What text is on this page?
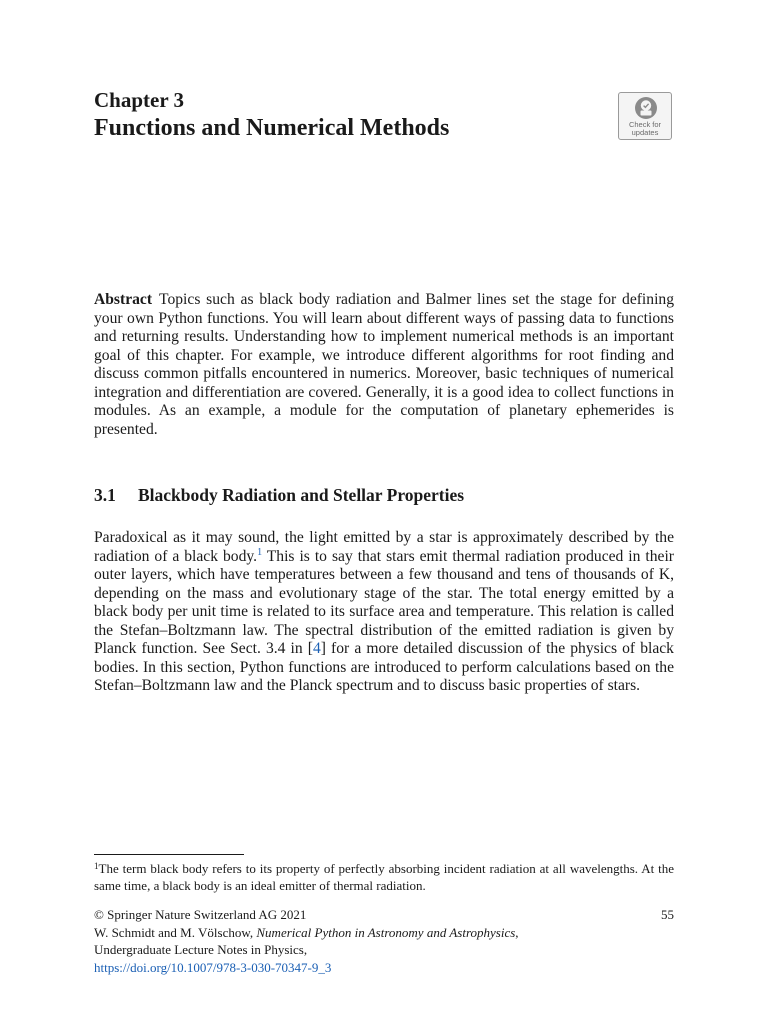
Chapter 3
Functions and Numerical Methods	Check for
updates
Abstract Topics such as black body radiation and Balmer lines set the stage for defining your own Python functions. You will learn about different ways of passing data to functions and returning results. Understanding how to implement numerical methods is an important goal of this chapter. For example, we introduce different algorithms for root finding and discuss common pitfalls encountered in numerics. Moreover, basic techniques of numerical integration and differentiation are covered. Generally, it is a good idea to collect functions in modules. As an example, a module for the computation of planetary ephemerides is presented.
3.1 Blackbody Radiation and Stellar Properties
Paradoxical as it may sound, the light emitted by a star is approximately described by the radiation of a black body.$^1$ This is to say that stars emit thermal radiation produced in their outer layers, which have temperatures between a few thousand and tens of thousands of K, depending on the mass and evolutionary stage of the star. The total energy emitted by a black body per unit time is related to its surface area and temperature. This relation is called the Stefan–Boltzmann law. The spectral distribution of the emitted radiation is given by Planck function. See Sect. 3.4 in [4] for a more detailed discussion of the physics of black bodies. In this section, Python functions are introduced to perform calculations based on the Stefan–Boltzmann law and the Planck spectrum and to discuss basic properties of stars.
$^1$The term black body refers to its property of perfectly absorbing incident radiation at all wavelengths. At the same time, a black body is an ideal emitter of thermal radiation.
© Springer Nature Switzerland AG 2021
W. Schmidt and M. Völschow, Numerical Python in Astronomy and Astrophysics,
Undergraduate Lecture Notes in Physics,
https://doi.org/10.1007/978-3-030-70347-9_3
55
